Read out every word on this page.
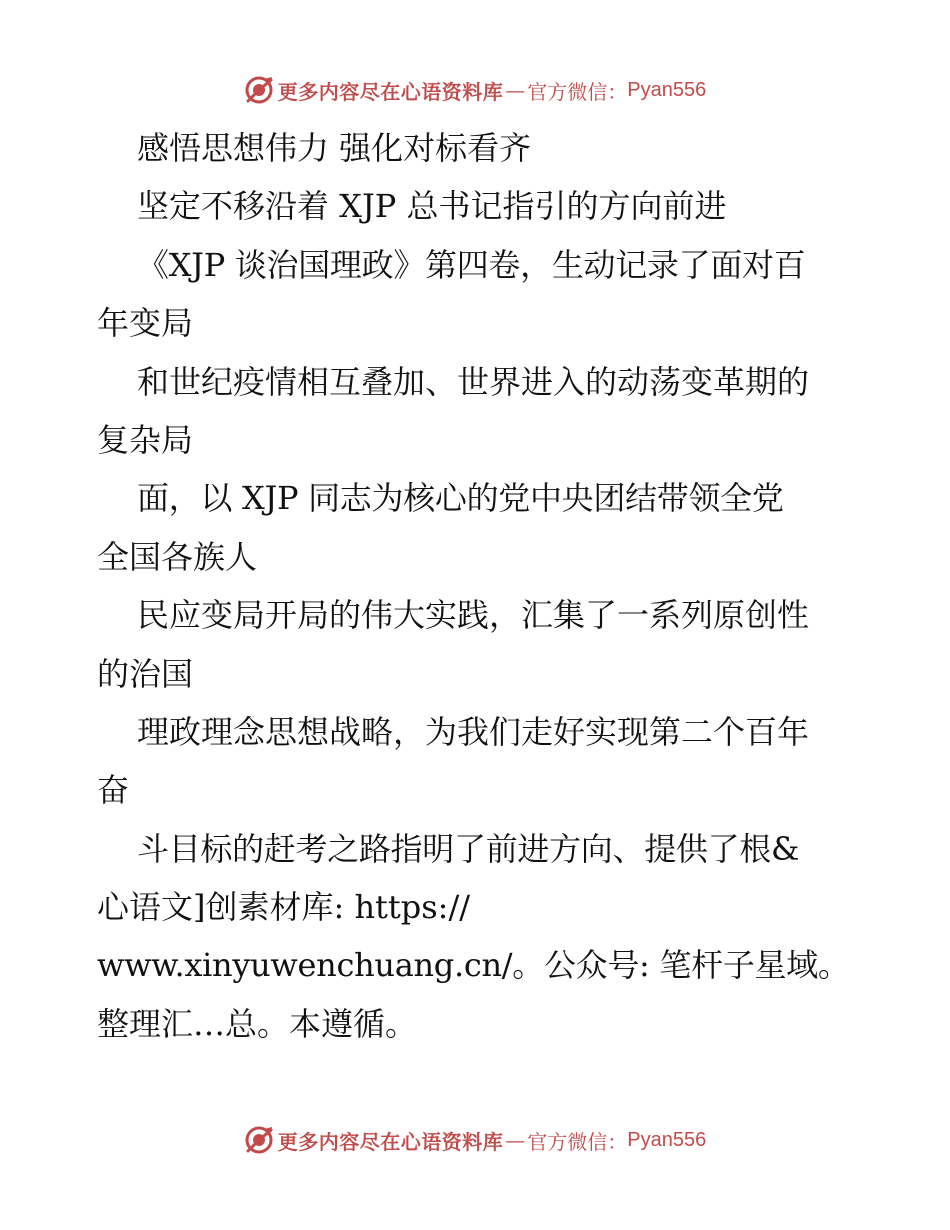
更多内容尽在心语资料库 — 官方微信： Pyan556
感悟思想伟力 强化对标看齐
坚定不移沿着 XJP 总书记指引的方向前进
《XJP 谈治国理政》第四卷，生动记录了面对百
年变局
和世纪疫情相互叠加、世界进入的动荡变革期的
复杂局
面，以 XJP 同志为核心的党中央团结带领全党
全国各族人
民应变局开局的伟大实践，汇集了一系列原创性
的治国
理政理念思想战略，为我们走好实现第二个百年
奋
斗目标的赶考之路指明了前进方向、提供了根&
心语文]创素材库: https://
www.xinyuwenchuang.cn/。公众号: 笔杆子星域。
整理汇…总。本遵循。
更多内容尽在心语资料库 — 官方微信： Pyan556
